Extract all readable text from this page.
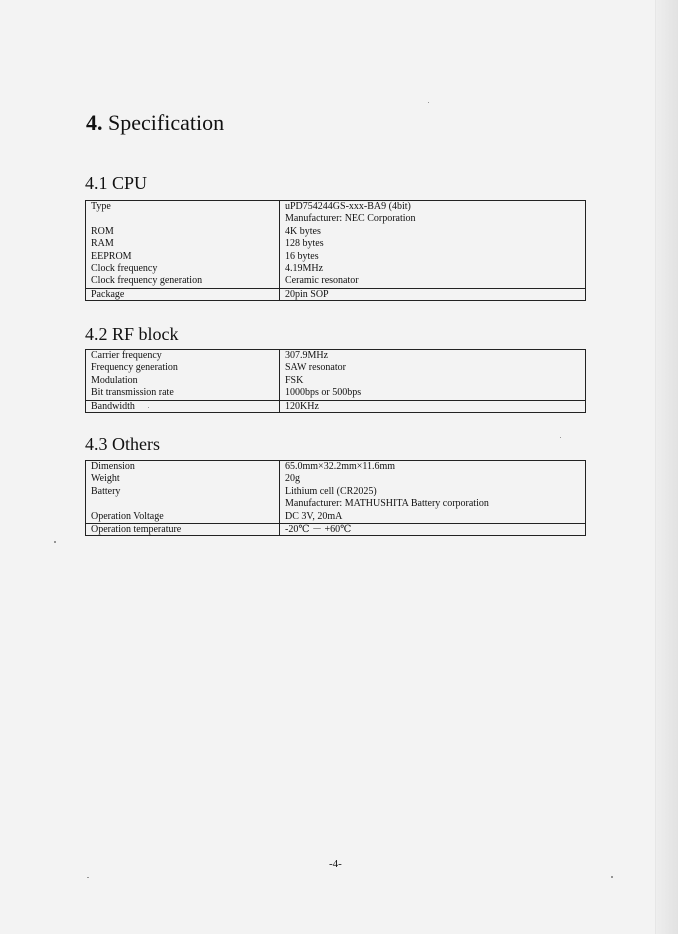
4. Specification
4.1 CPU
Type
ROM
RAM
EEPROM
Clock frequency
Clock frequency generation
Package
uPD754244GS-xxx-BA9 (4bit)
Manufacturer: NEC Corporation
4K bytes
128 bytes
16 bytes
4.19MHz
Ceramic resonator
20pin SOP
4.2 RF block
Carrier frequency
Frequency generation
Modulation
Bit transmission rate
Bandwidth
307.9MHz
SAW resonator
FSK
1000bps or 500bps
120KHz
4.3 Others
Dimension
Weight
Battery
Operation Voltage
Operation temperature
65.0mm×32.2mm×11.6mm
20g
Lithium cell (CR2025)
Manufacturer: MATHUSHITA Battery corporation
DC 3V, 20mA
-20℃ － +60℃
-4-
